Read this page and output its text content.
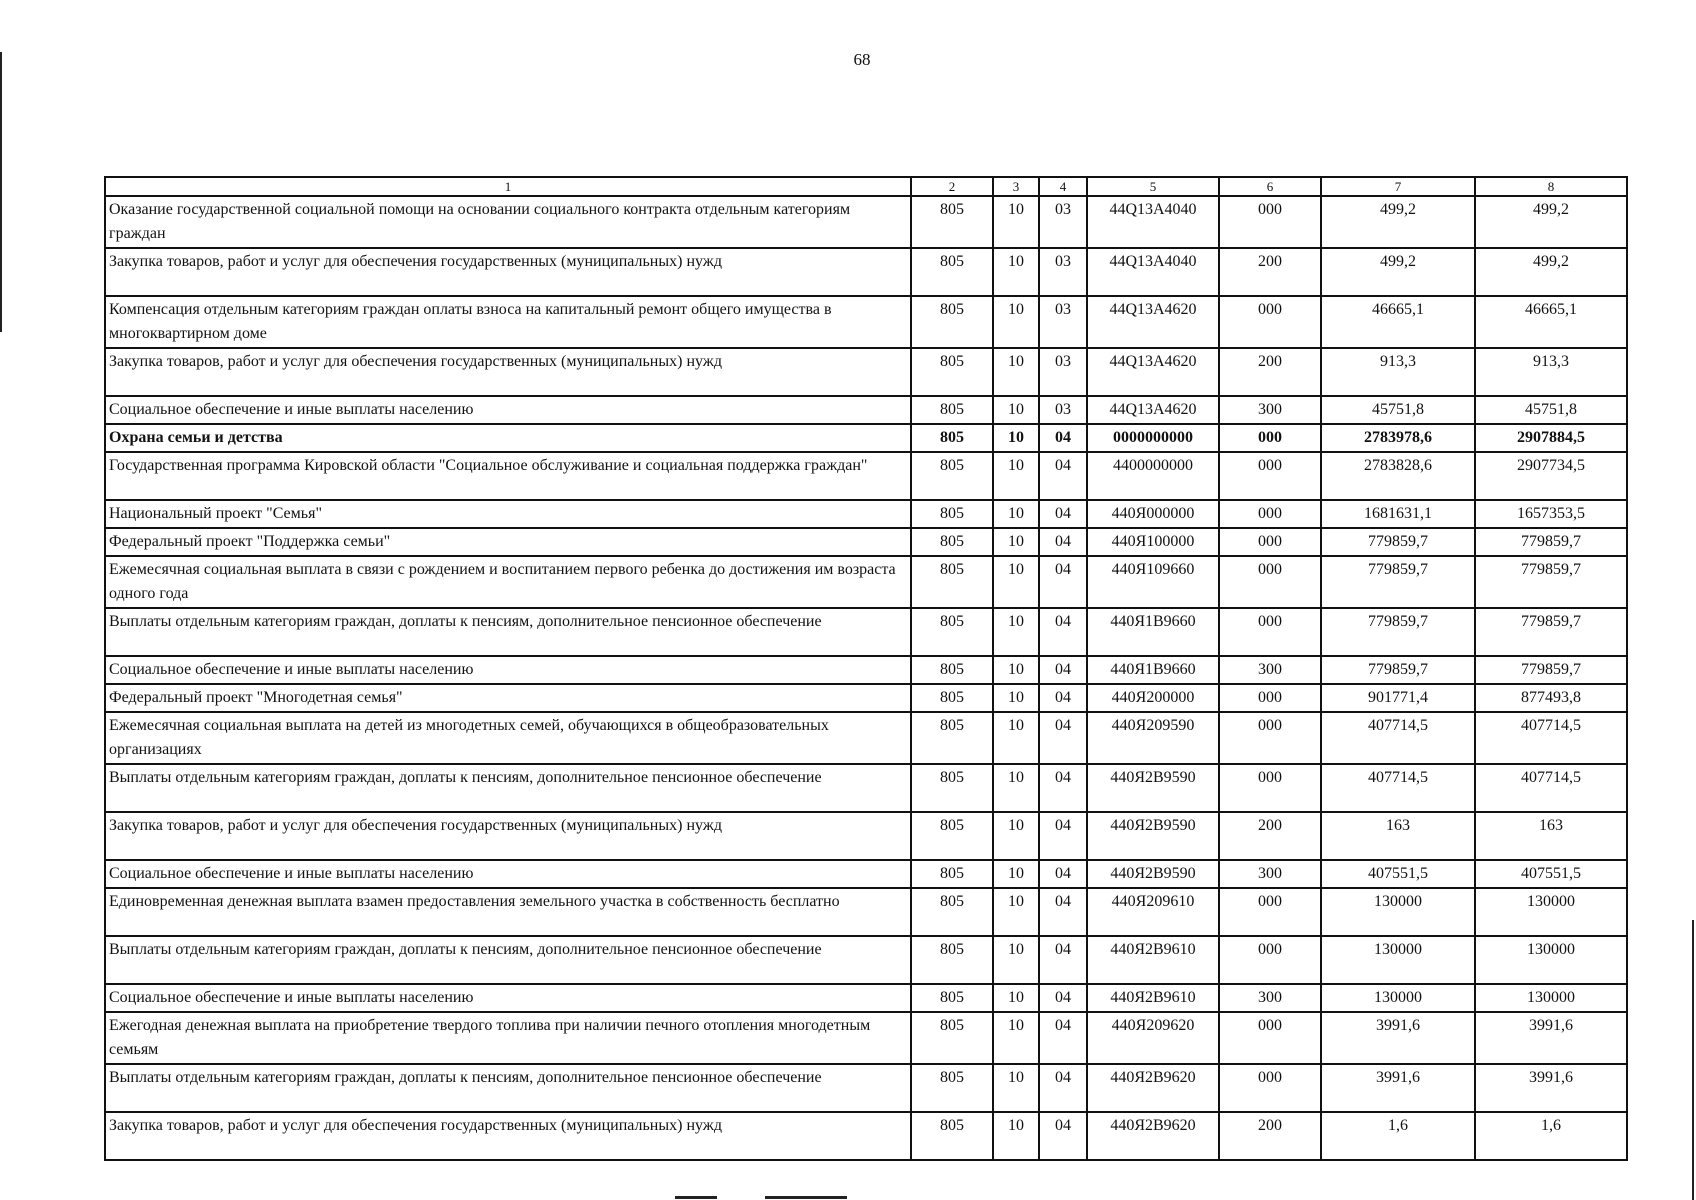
68
1	2	3	4	5	6	7	8
Оказание государственной социальной помощи на основании социального контракта отдельным категориям граждан	805	10	03	44Q13A4040	000	499,2	499,2
Закупка товаров, работ и услуг для обеспечения государственных (муниципальных) нужд	805	10	03	44Q13A4040	200	499,2	499,2
Компенсация отдельным категориям граждан оплаты взноса на капитальный ремонт общего имущества в многоквартирном доме	805	10	03	44Q13A4620	000	46665,1	46665,1
Закупка товаров, работ и услуг для обеспечения государственных (муниципальных) нужд	805	10	03	44Q13A4620	200	913,3	913,3
Социальное обеспечение и иные выплаты населению	805	10	03	44Q13A4620	300	45751,8	45751,8
Охрана семьи и детства	805	10	04	0000000000	000	2783978,6	2907884,5
Государственная программа Кировской области "Социальное обслуживание и социальная поддержка граждан"	805	10	04	4400000000	000	2783828,6	2907734,5
Национальный проект "Семья"	805	10	04	440Я000000	000	1681631,1	1657353,5
Федеральный проект "Поддержка семьи"	805	10	04	440Я100000	000	779859,7	779859,7
Ежемесячная социальная выплата в связи с рождением и воспитанием первого ребенка до достижения им возраста одного года	805	10	04	440Я109660	000	779859,7	779859,7
Выплаты отдельным категориям граждан, доплаты к пенсиям, дополнительное пенсионное обеспечение	805	10	04	440Я1В9660	000	779859,7	779859,7
Социальное обеспечение и иные выплаты населению	805	10	04	440Я1В9660	300	779859,7	779859,7
Федеральный проект "Многодетная семья"	805	10	04	440Я200000	000	901771,4	877493,8
Ежемесячная социальная выплата на детей из многодетных семей, обучающихся в общеобразовательных организациях	805	10	04	440Я209590	000	407714,5	407714,5
Выплаты отдельным категориям граждан, доплаты к пенсиям, дополнительное пенсионное обеспечение	805	10	04	440Я2В9590	000	407714,5	407714,5
Закупка товаров, работ и услуг для обеспечения государственных (муниципальных) нужд	805	10	04	440Я2В9590	200	163	163
Социальное обеспечение и иные выплаты населению	805	10	04	440Я2В9590	300	407551,5	407551,5
Единовременная денежная выплата взамен предоставления земельного участка в собственность бесплатно	805	10	04	440Я209610	000	130000	130000
Выплаты отдельным категориям граждан, доплаты к пенсиям, дополнительное пенсионное обеспечение	805	10	04	440Я2В9610	000	130000	130000
Социальное обеспечение и иные выплаты населению	805	10	04	440Я2В9610	300	130000	130000
Ежегодная денежная выплата на приобретение твердого топлива при наличии печного отопления многодетным семьям	805	10	04	440Я209620	000	3991,6	3991,6
Выплаты отдельным категориям граждан, доплаты к пенсиям, дополнительное пенсионное обеспечение	805	10	04	440Я2В9620	000	3991,6	3991,6
Закупка товаров, работ и услуг для обеспечения государственных (муниципальных) нужд	805	10	04	440Я2В9620	200	1,6	1,6
